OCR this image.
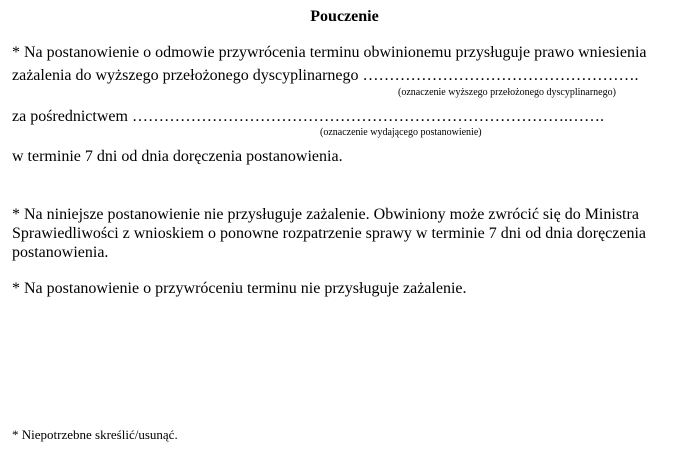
Pouczenie
* Na postanowienie o odmowie przywrócenia terminu obwinionemu przysługuje prawo wniesienia
zażalenia do wyższego przełożonego dyscyplinarnego …………………………………………….
(oznaczenie wyższego przełożonego dyscyplinarnego)
za pośrednictwem ……………………………………………………………………….…….
(oznaczenie wydającego postanowienie)
w terminie 7 dni od dnia doręczenia postanowienia.
* Na niniejsze postanowienie nie przysługuje zażalenie. Obwiniony może zwrócić się do Ministra
Sprawiedliwości z wnioskiem o ponowne rozpatrzenie sprawy w terminie 7 dni od dnia doręczenia
postanowienia.
* Na postanowienie o przywróceniu terminu nie przysługuje zażalenie.
* Niepotrzebne skreślić/usunąć.
